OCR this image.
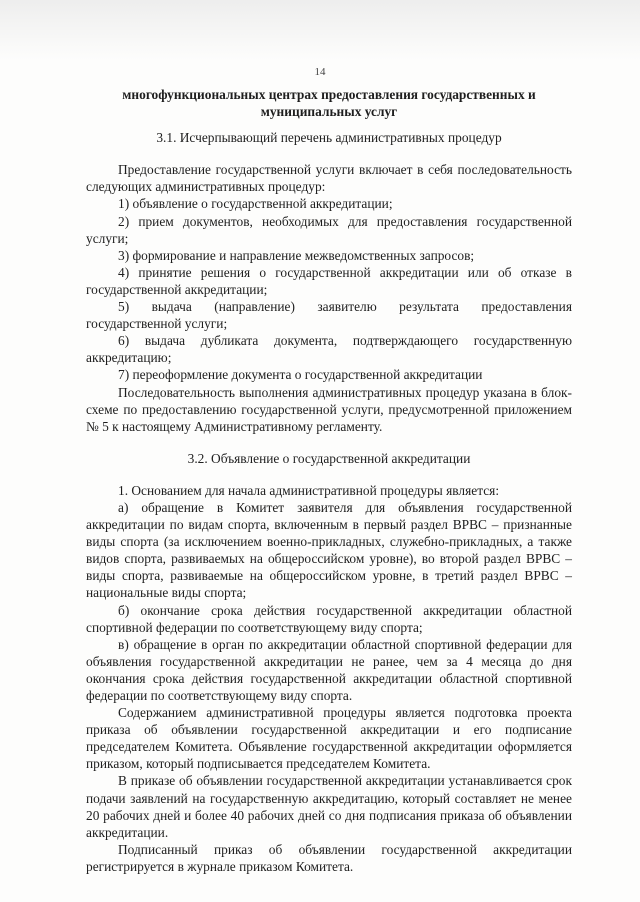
14
многофункциональных центрах предоставления государственных и муниципальных услуг
3.1. Исчерпывающий перечень административных процедур

Предоставление государственной услуги включает в себя последовательность следующих административных процедур:

1) объявление о государственной аккредитации;

2) прием документов, необходимых для предоставления государственной услуги;

3) формирование и направление межведомственных запросов;

4) принятие решения о государственной аккредитации или об отказе в государственной аккредитации;

5) выдача (направление) заявителю результата предоставления государственной услуги;

6) выдача дубликата документа, подтверждающего государственную аккредитацию;

7) переоформление документа о государственной аккредитации

Последовательность выполнения административных процедур указана в блок-схеме по предоставлению государственной услуги, предусмотренной приложением № 5 к настоящему Административному регламенту.

3.2. Объявление о государственной аккредитации

1. Основанием для начала административной процедуры является:

а) обращение в Комитет заявителя для объявления государственной аккредитации по видам спорта, включенным в первый раздел ВРВС – признанные виды спорта (за исключением военно-прикладных, служебно-прикладных, а также видов спорта, развиваемых на общероссийском уровне), во второй раздел ВРВС – виды спорта, развиваемые на общероссийском уровне, в третий раздел ВРВС – национальные виды спорта;

б) окончание срока действия государственной аккредитации областной спортивной федерации по соответствующему виду спорта;

в) обращение в орган по аккредитации областной спортивной федерации для объявления государственной аккредитации не ранее, чем за 4 месяца до дня окончания срока действия государственной аккредитации областной спортивной федерации по соответствующему виду спорта.

Содержанием административной процедуры является подготовка проекта приказа об объявлении государственной аккредитации и его подписание председателем Комитета. Объявление государственной аккредитации оформляется приказом, который подписывается председателем Комитета.

В приказе об объявлении государственной аккредитации устанавливается срок подачи заявлений на государственную аккредитацию, который составляет не менее 20 рабочих дней и более 40 рабочих дней со дня подписания приказа об объявлении аккредитации.

Подписанный приказ об объявлении государственной аккредитации регистрируется в журнале приказом Комитета.
